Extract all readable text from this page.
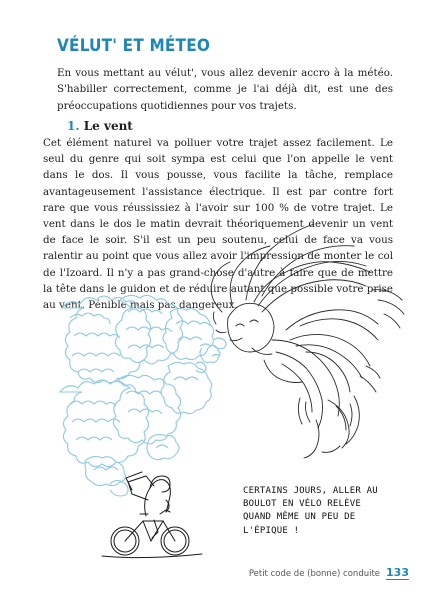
VÉLUT' ET MÉTEO

En vous mettant au vélut', vous allez devenir accro à la météo. S'habiller correctement, comme je l'ai déjà dit, est une des préoccupations quotidiennes pour vos trajets.

1. Le vent

Cet élément naturel va polluer votre trajet assez facilement. Le seul du genre qui soit sympa est celui que l'on appelle le vent dans le dos. Il vous pousse, vous facilite la tâche, remplace avantageusement l'assistance électrique. Il est par contre fort rare que vous réussissiez à l'avoir sur 100 % de votre trajet. Le vent dans le dos le matin devrait théoriquement devenir un vent de face le soir. S'il est un peu soutenu, celui de face va vous ralentir au point que vous allez avoir l'impression de monter le col de l'Izoard. Il n'y a pas grand-chose d'autre à faire que de mettre la tête dans le guidon et de réduire autant que possible votre prise au vent. Pénible mais pas dangereux.

CERTAINS JOURS, ALLER AU
BOULOT EN VÉLO RELÈVE
QUAND MÊME UN PEU DE
L'ÉPIQUE !
Petit code de (bonne) conduite 133
